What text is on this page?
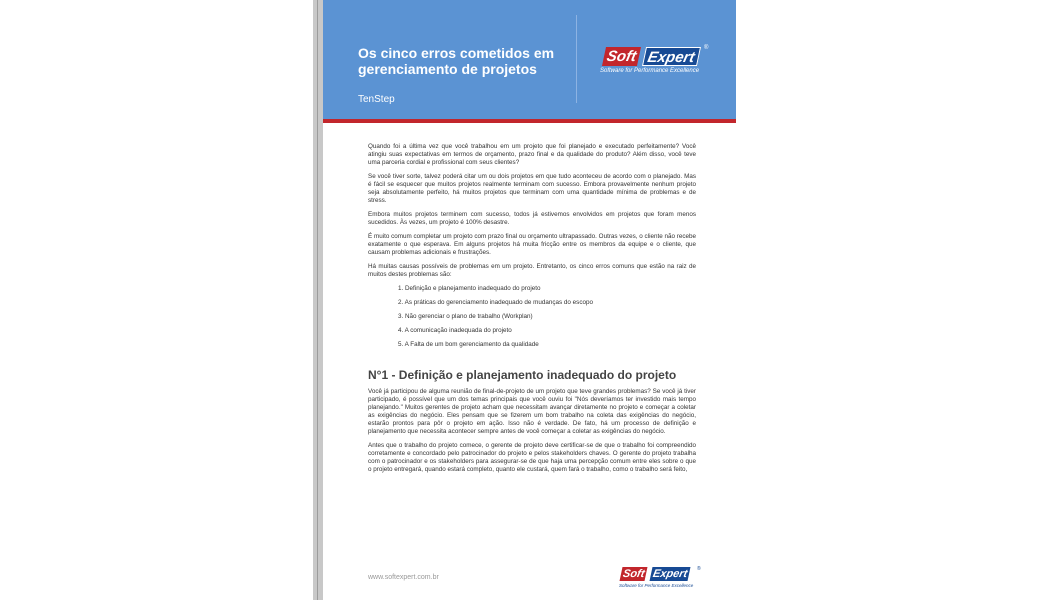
Os cinco erros cometidos em gerenciamento de projetos
TenStep
Soft Expert
®
Software for Performance Excellence

Quando foi a última vez que você trabalhou em um projeto que foi planejado e executado perfeitamente? Você atingiu suas expectativas em termos de orçamento, prazo final e da qualidade do produto? Além disso, você teve uma parceria cordial e profissional com seus clientes?

Se você tiver sorte, talvez poderá citar um ou dois projetos em que tudo aconteceu de acordo com o planejado. Mas é fácil se esquecer que muitos projetos realmente terminam com sucesso. Embora provavelmente nenhum projeto seja absolutamente perfeito, há muitos projetos que terminam com uma quantidade mínima de problemas e de stress.

Embora muitos projetos terminem com sucesso, todos já estivemos envolvidos em projetos que foram menos sucedidos. Às vezes, um projeto é 100% desastre.

É muito comum completar um projeto com prazo final ou orçamento ultrapassado. Outras vezes, o cliente não recebe exatamente o que esperava. Em alguns projetos há muita fricção entre os membros da equipe e o cliente, que causam problemas adicionais e frustrações.

Há muitas causas possíveis de problemas em um projeto. Entretanto, os cinco erros comuns que estão na raiz de muitos destes problemas são:

1. Definição e planejamento inadequado do projeto
2. As práticas do gerenciamento inadequado de mudanças do escopo
3. Não gerenciar o plano de trabalho (Workplan)
4. A comunicação inadequada do projeto
5. A Falta de um bom gerenciamento da qualidade
N°1 - Definição e planejamento inadequado do projeto

Você já participou de alguma reunião de final-de-projeto de um projeto que teve grandes problemas? Se você já tiver participado, é possível que um dos temas principais que você ouviu foi "Nós deveríamos ter investido mais tempo planejando." Muitos gerentes de projeto acham que necessitam avançar diretamente no projeto e começar a coletar as exigências do negócio. Eles pensam que se fizerem um bom trabalho na coleta das exigências do negócio, estarão prontos para pôr o projeto em ação. Isso não é verdade. De fato, há um processo de definição e planejamento que necessita acontecer sempre antes de você começar a coletar as exigências do negócio.

Antes que o trabalho do projeto comece, o gerente de projeto deve certificar-se de que o trabalho foi compreendido corretamente e concordado pelo patrocinador do projeto e pelos stakeholders chaves. O gerente do projeto trabalha com o patrocinador e os stakeholders para assegurar-se de que haja uma percepção comum entre eles sobre o que o projeto entregará, quando estará completo, quanto ele custará, quem fará o trabalho, como o trabalho será feito,

www.softexpert.com.br	Soft Expert	®
Software for Performance Excellence
